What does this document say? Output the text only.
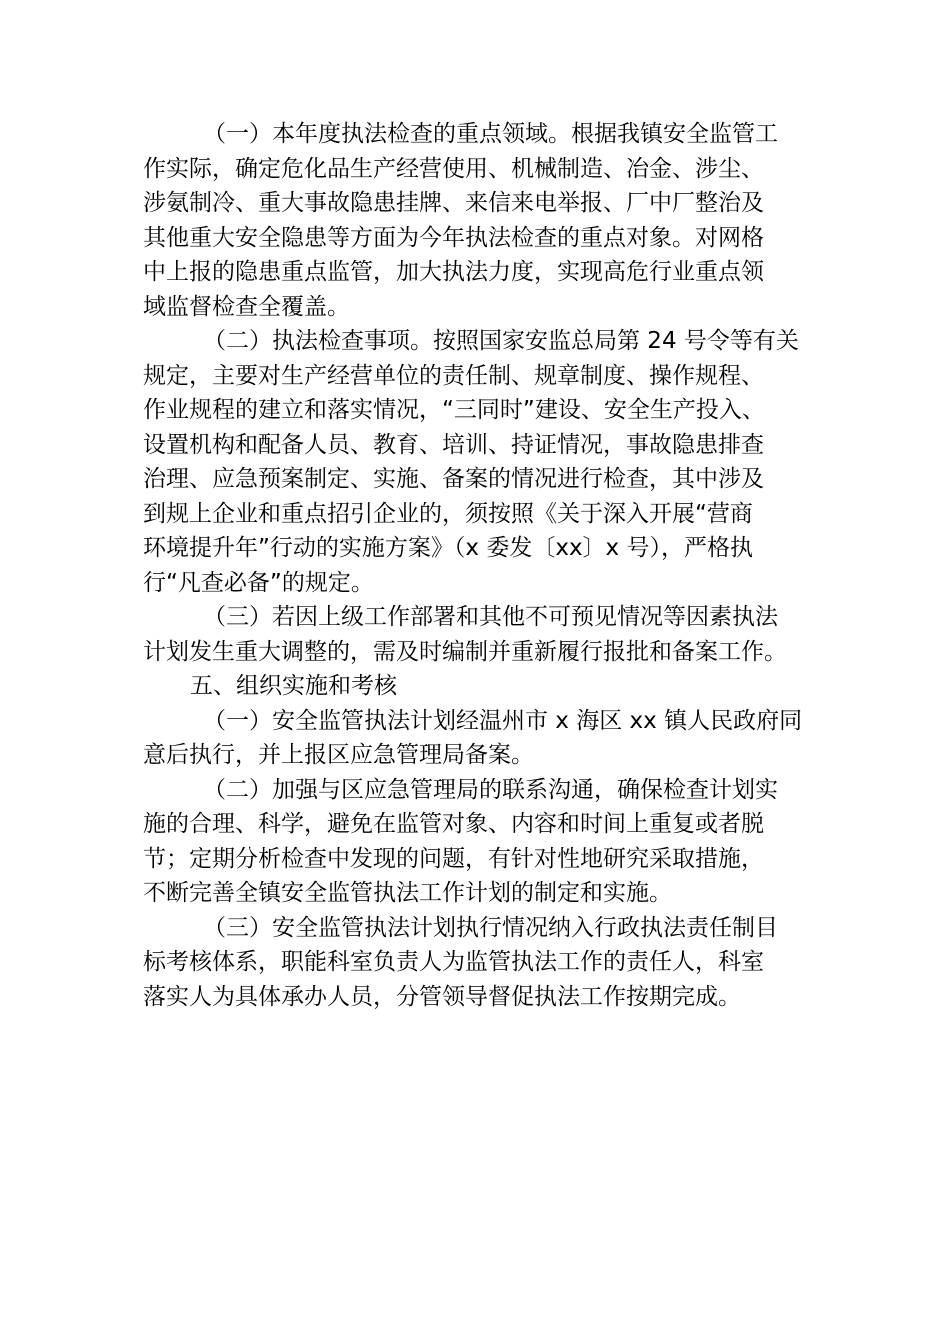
（一）本年度执法检查的重点领域。根据我镇安全监管工
作实际，确定危化品生产经营使用、机械制造、冶金、涉尘、
涉氨制冷、重大事故隐患挂牌、来信来电举报、厂中厂整治及
其他重大安全隐患等方面为今年执法检查的重点对象。对网格
中上报的隐患重点监管，加大执法力度，实现高危行业重点领
域监督检查全覆盖。

（二）执法检查事项。按照国家安监总局第 24 号令等有关
规定，主要对生产经营单位的责任制、规章制度、操作规程、
作业规程的建立和落实情况，“三同时”建设、安全生产投入、
设置机构和配备人员、教育、培训、持证情况，事故隐患排查
治理、应急预案制定、实施、备案的情况进行检查，其中涉及
到规上企业和重点招引企业的，须按照《关于深入开展“营商
环境提升年”行动的实施方案》（x 委发〔xx〕x 号），严格执
行“凡查必备”的规定。

（三）若因上级工作部署和其他不可预见情况等因素执法
计划发生重大调整的，需及时编制并重新履行报批和备案工作。

五、组织实施和考核

（一）安全监管执法计划经温州市 x 海区 xx 镇人民政府同
意后执行，并上报区应急管理局备案。

（二）加强与区应急管理局的联系沟通，确保检查计划实
施的合理、科学，避免在监管对象、内容和时间上重复或者脱
节；定期分析检查中发现的问题，有针对性地研究采取措施，
不断完善全镇安全监管执法工作计划的制定和实施。

（三）安全监管执法计划执行情况纳入行政执法责任制目
标考核体系，职能科室负责人为监管执法工作的责任人，科室
落实人为具体承办人员，分管领导督促执法工作按期完成。
